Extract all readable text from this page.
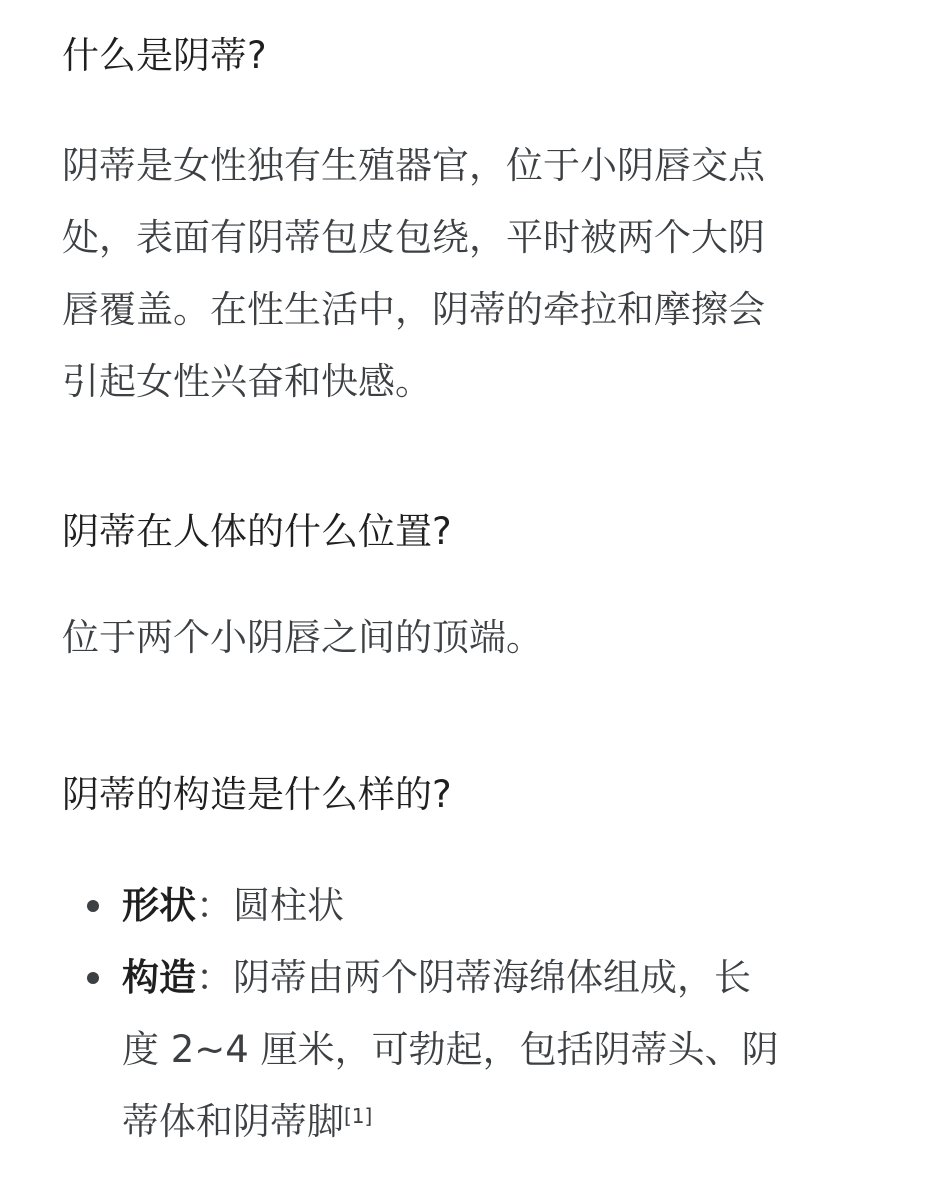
什么是阴蒂?
阴蒂是女性独有生殖器官，位于小阴唇交点
处，表面有阴蒂包皮包绕，平时被两个大阴
唇覆盖。在性生活中，阴蒂的牵拉和摩擦会
引起女性兴奋和快感。
阴蒂在人体的什么位置?
位于两个小阴唇之间的顶端。
阴蒂的构造是什么样的?
形状：圆柱状
构造：阴蒂由两个阴蒂海绵体组成，长
度 2~4 厘米，可勃起，包括阴蒂头、阴
蒂体和阴蒂脚[1]
